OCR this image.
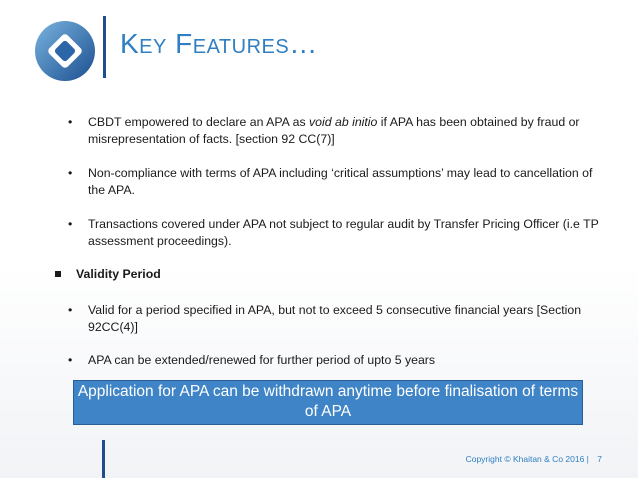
Key Features…
• CBDT empowered to declare an APA as void ab initio if APA has been obtained by fraud or misrepresentation of facts. [section 92 CC(7)]
• Non-compliance with terms of APA including ‘critical assumptions’ may lead to cancellation of the APA.
• Transactions covered under APA not subject to regular audit by Transfer Pricing Officer (i.e TP assessment proceedings).
Validity Period
• Valid for a period specified in APA, but not to exceed 5 consecutive financial years [Section 92CC(4)]
• APA can be extended/renewed for further period of upto 5 years
Application for APA can be withdrawn anytime before finalisation of terms of APA
Copyright © Khaitan & Co 2016 | 7
